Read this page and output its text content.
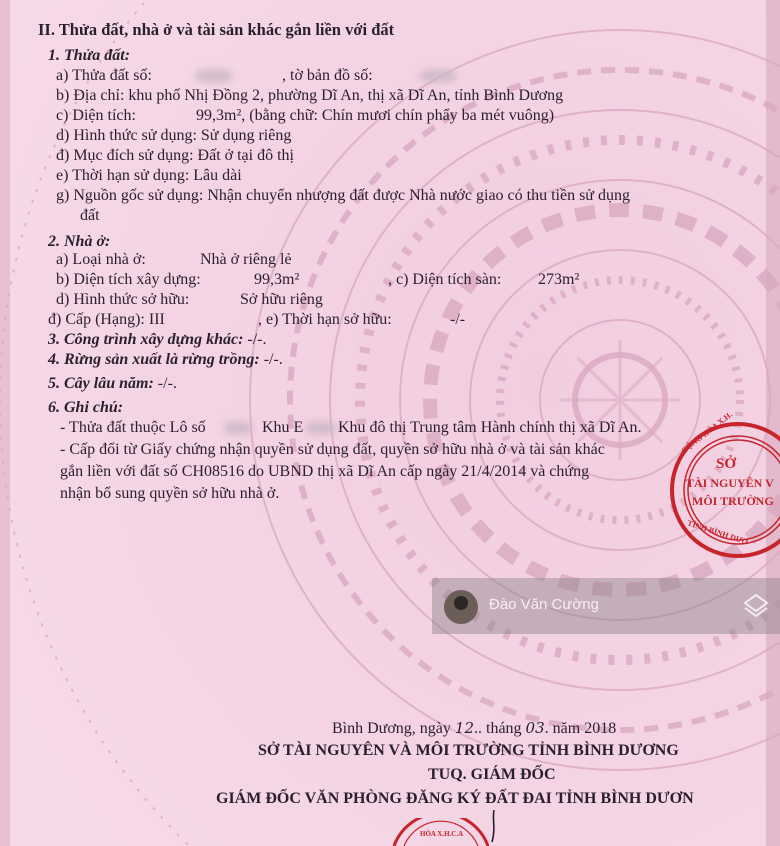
II. Thửa đất, nhà ở và tài sản khác gắn liền với đất
1. Thửa đất:
a) Thửa đất số:	, tờ bản đồ số:
b) Địa chỉ: khu phố Nhị Đồng 2, phường Dĩ An, thị xã Dĩ An, tỉnh Bình Dương
c) Diện tích:	99,3m², (bằng chữ: Chín mươi chín phẩy ba mét vuông)
d) Hình thức sử dụng: Sử dụng riêng
đ) Mục đích sử dụng: Đất ở tại đô thị
e) Thời hạn sử dụng: Lâu dài
g) Nguồn gốc sử dụng: Nhận chuyển nhượng đất được Nhà nước giao có thu tiền sử dụng
đất
2. Nhà ở:
a) Loại nhà ở:	Nhà ở riêng lẻ
b) Diện tích xây dựng:	99,3m²	, c) Diện tích sàn: 273m²
d) Hình thức sở hữu:	Sở hữu riêng
đ) Cấp (Hạng): III	, e) Thời hạn sở hữu:	-/-
3. Công trình xây dựng khác: -/-.
4. Rừng sản xuất là rừng trồng: -/-.
5. Cây lâu năm: -/-.
6. Ghi chú:
- Thửa đất thuộc Lô số	Khu E Khu đô thị Trung tâm Hành chính thị xã Dĩ An.
- Cấp đổi từ Giấy chứng nhận quyền sử dụng đất, quyền sở hữu nhà ở và tài sản khác
gắn liền với đất số CH08516 do UBND thị xã Dĩ An cấp ngày 21/4/2014 và chứng
nhận bổ sung quyền sở hữu nhà ở.
CỘNG HÒA X.H.
SỞ
TÀI NGUYÊN V
MÔI TRƯỜNG
TỈNH BÌNH DƯƠ
Đào Văn Cường
Bình Dương, ngày 12.. tháng 03. năm 2018
SỞ TÀI NGUYÊN VÀ MÔI TRƯỜNG TỈNH BÌNH DƯƠNG
TUQ. GIÁM ĐỐC
GIÁM ĐỐC VĂN PHÒNG ĐĂNG KÝ ĐẤT ĐAI TỈNH BÌNH DƯƠN
HÒA X.H.C.A
